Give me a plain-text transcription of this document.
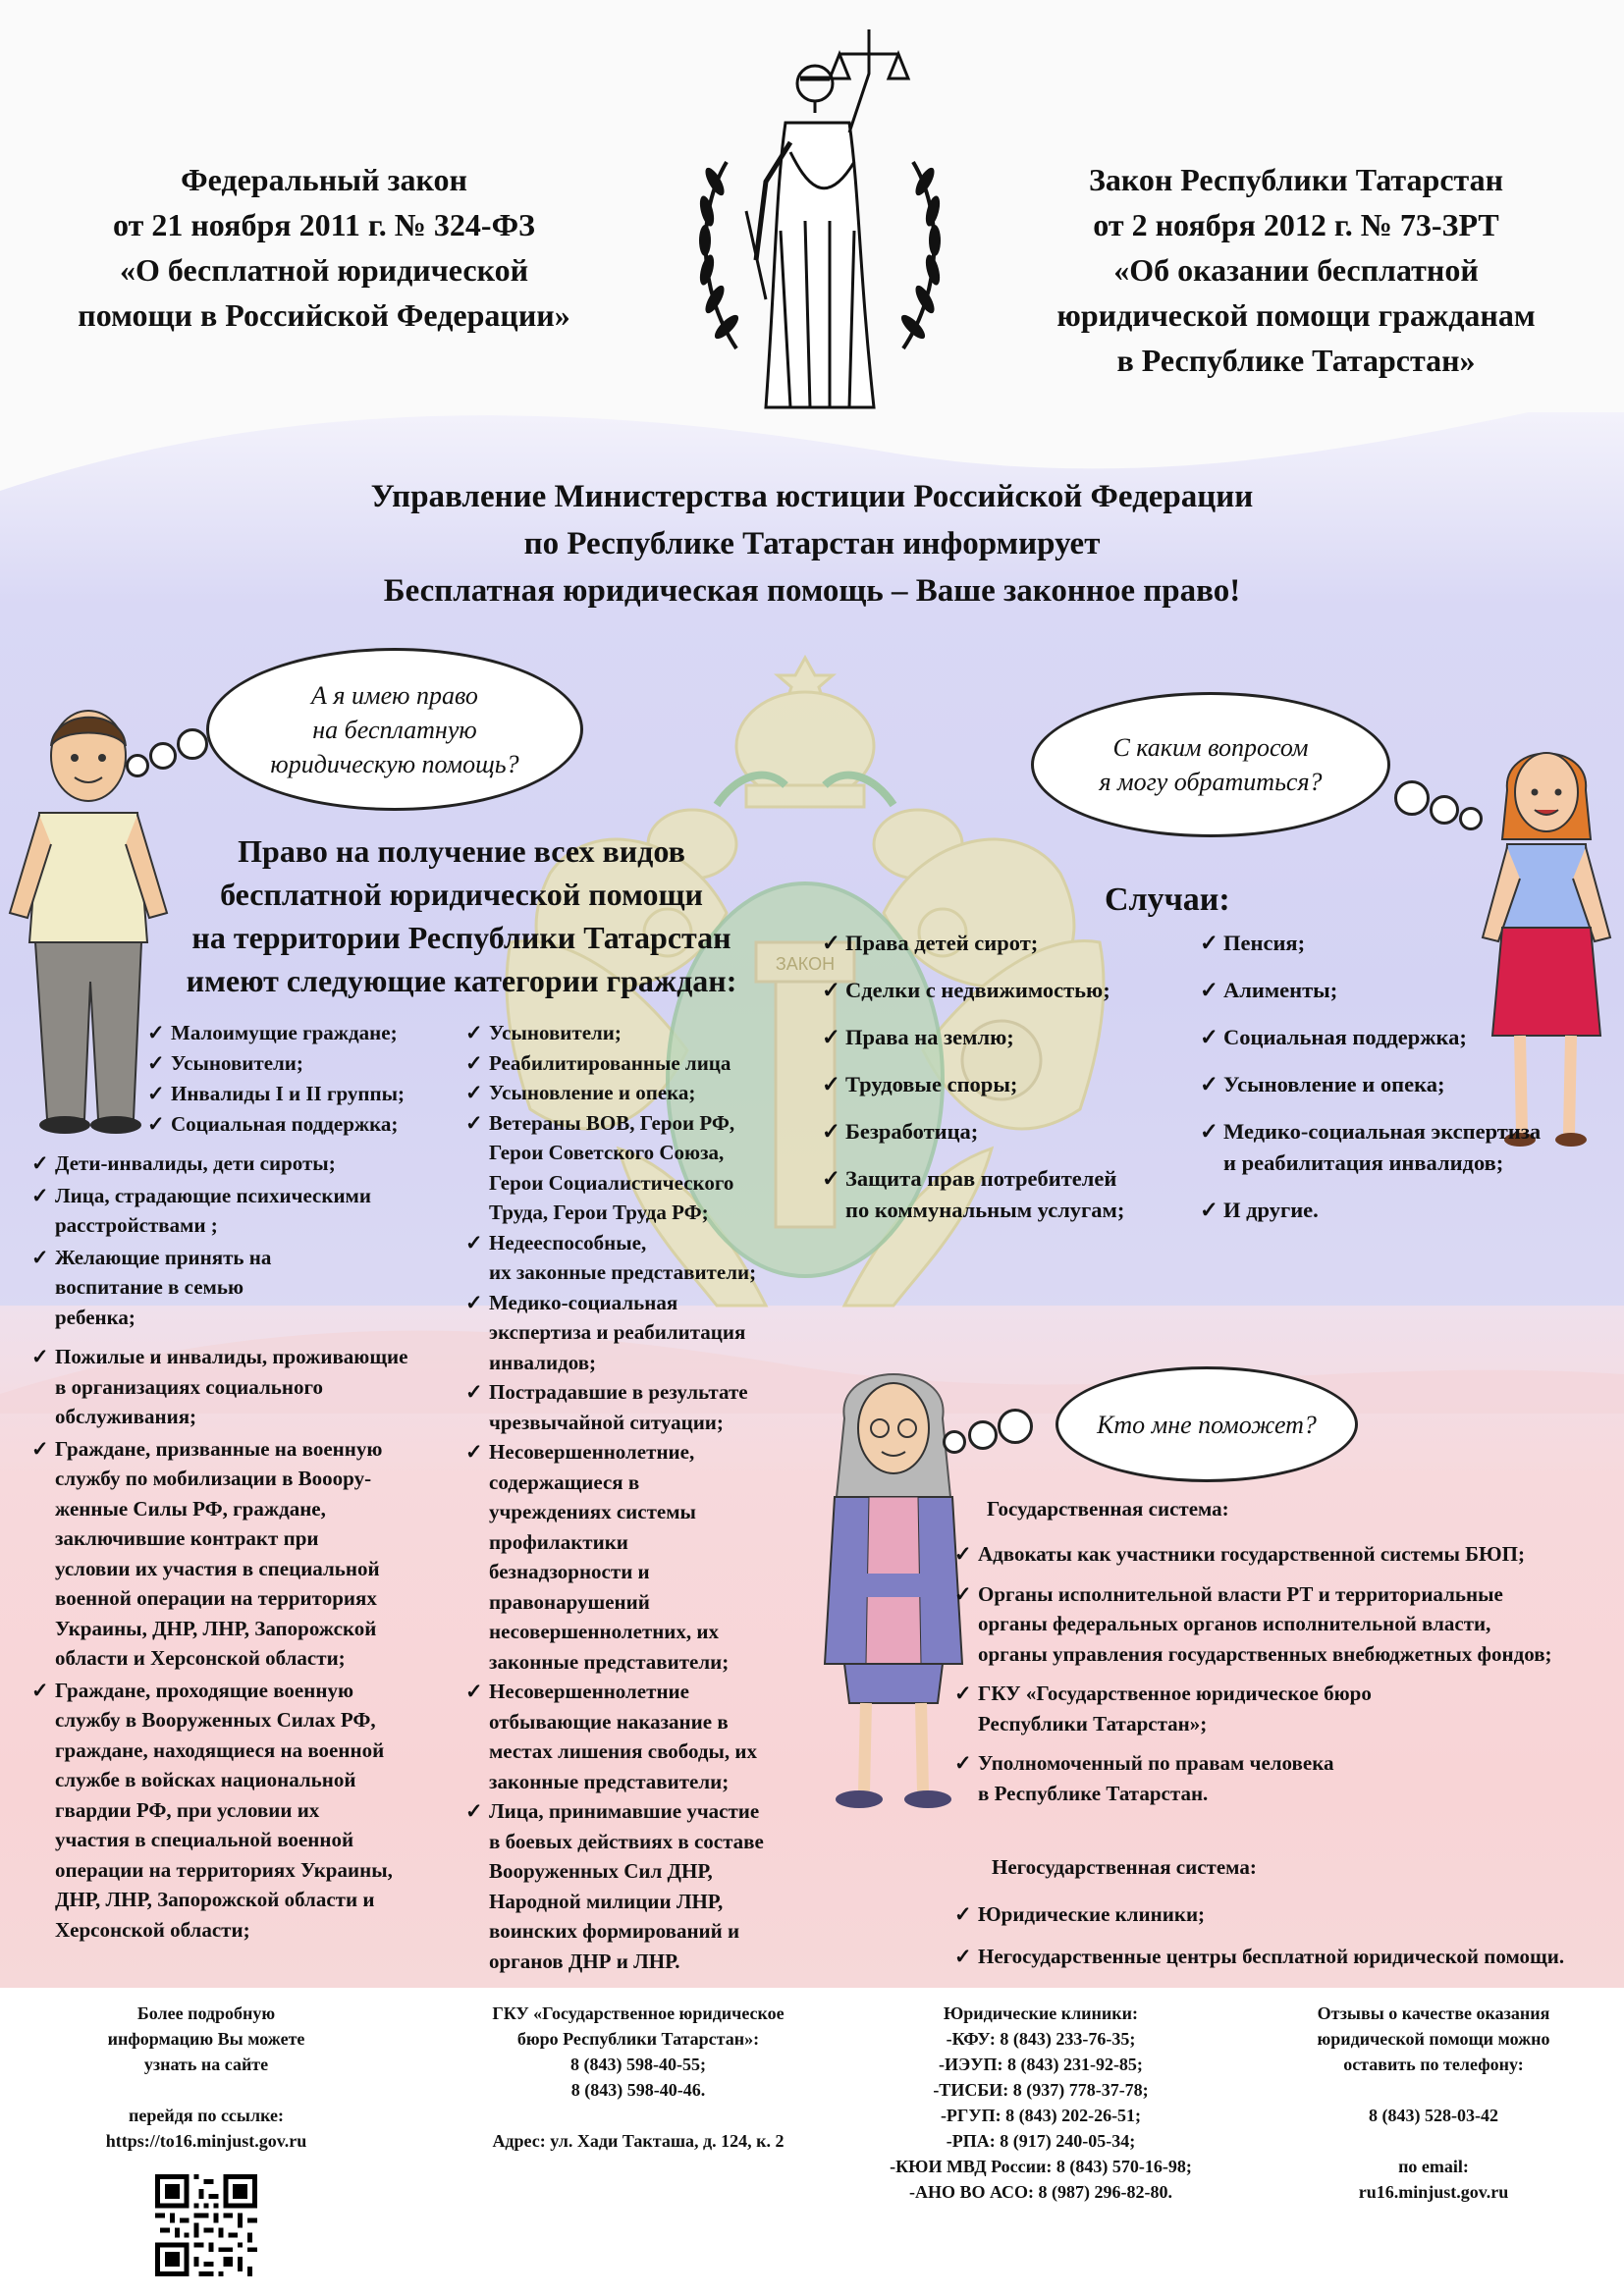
ЗАКОН

Федеральный закон

от 21 ноября 2011 г. № 324-ФЗ

«О бесплатной юридической

помощи в Российской Федерации»

Закон Республики Татарстан

от 2 ноября 2012 г. № 73-ЗРТ

«Об оказании бесплатной

юридической помощи гражданам

в Республике Татарстан»

Управление Министерства юстиции Российской Федерации

по Республике Татарстан информирует

Бесплатная юридическая помощь – Ваше законное право!

А я имею право
на бесплатную
юридическую помощь?
С каким вопросом
я могу обратиться?

Право на получение всех видов

бесплатной юридической помощи

на территории Республики Татарстан

имеют следующие категории граждан:

✓ Малоимущие граждане;
✓ Усыновители;
✓ Инвалиды I и II группы;
✓ Социальная поддержка;
✓ Дети-инвалиды, дети сироты;
✓ Лица, страдающие психическими
расстройствами ;
✓ Желающие принять на
воспитание в семью
ребенка;
✓ Пожилые и инвалиды, проживающие
в организациях социального
обслуживания;
✓ Граждане, призванные на военную
службу по мобилизации в Вооору-
женные Силы РФ, граждане,
заключившие контракт при
условии их участия в специальной
военной операции на территориях
Украины, ДНР, ЛНР, Запорожской
области и Херсонской области;
✓ Граждане, проходящие военную
службу в Вооруженных Силах РФ,
граждане, находящиеся на военной
службе в войсках национальной
гвардии РФ, при условии их
участия в специальной военной
операции на территориях Украины,
ДНР, ЛНР, Запорожской области и
Херсонской области;
✓ Усыновители;
✓ Реабилитированные лица
✓ Усыновление и опека;
✓ Ветераны ВОВ, Герои РФ,
Герои Советского Союза,
Герои Социалистического
Труда, Герои Труда РФ;
✓ Недееспособные,
их законные представители;
✓ Медико-социальная
экспертиза и реабилитация
инвалидов;
✓ Пострадавшие в результате
чрезвычайной ситуации;
✓ Несовершеннолетние,
содержащиеся в
учреждениях системы
профилактики
безнадзорности и
правонарушений
несовершеннолетних, их
законные представители;
✓ Несовершеннолетние
отбывающие наказание в
местах лишения свободы, их
законные представители;
✓ Лица, принимавшие участие
в боевых действиях в составе
Вооруженных Сил ДНР,
Народной милиции ЛНР,
воинских формирований и
органов ДНР и ЛНР.
Случаи:
✓ Права детей сирот;
✓ Сделки с недвижимостью;
✓ Права на землю;
✓ Трудовые споры;
✓ Безработица;
✓ Защита прав потребителей
по коммунальным услугам;
✓ Пенсия;
✓ Алименты;
✓ Социальная поддержка;
✓ Усыновление и опека;
✓ Медико-социальная экспертиза
и реабилитация инвалидов;
✓ И другие.
Кто мне поможет?
Государственная система:
✓ Адвокаты как участники государственной системы БЮП;
✓ Органы исполнительной власти РТ и территориальные
органы федеральных органов исполнительной власти,
органы управления государственных внебюджетных фондов;
✓ ГКУ «Государственное юридическое бюро
Республики Татарстан»;
✓ Уполномоченный по правам человека
в Республике Татарстан.
Негосударственная система:
✓ Юридические клиники;
✓ Негосударственные центры бесплатной юридической помощи.
Более подробную
информацию Вы можете
узнать на сайте

перейдя по ссылке:
https://to16.minjust.gov.ru
ГКУ «Государственное юридическое
бюро Республики Татарстан»:
8 (843) 598-40-55;
8 (843) 598-40-46.

Адрес: ул. Хади Такташа, д. 124, к. 2
Юридические клиники:
-КФУ: 8 (843) 233-76-35;
-ИЭУП: 8 (843) 231-92-85;
-ТИСБИ: 8 (937) 778-37-78;
-РГУП: 8 (843) 202-26-51;
-РПА: 8 (917) 240-05-34;
-КЮИ МВД России: 8 (843) 570-16-98;
-АНО ВО АСО: 8 (987) 296-82-80.
Отзывы о качестве оказания
юридической помощи можно
оставить по телефону:

8 (843) 528-03-42

по email:
ru16.minjust.gov.ru
